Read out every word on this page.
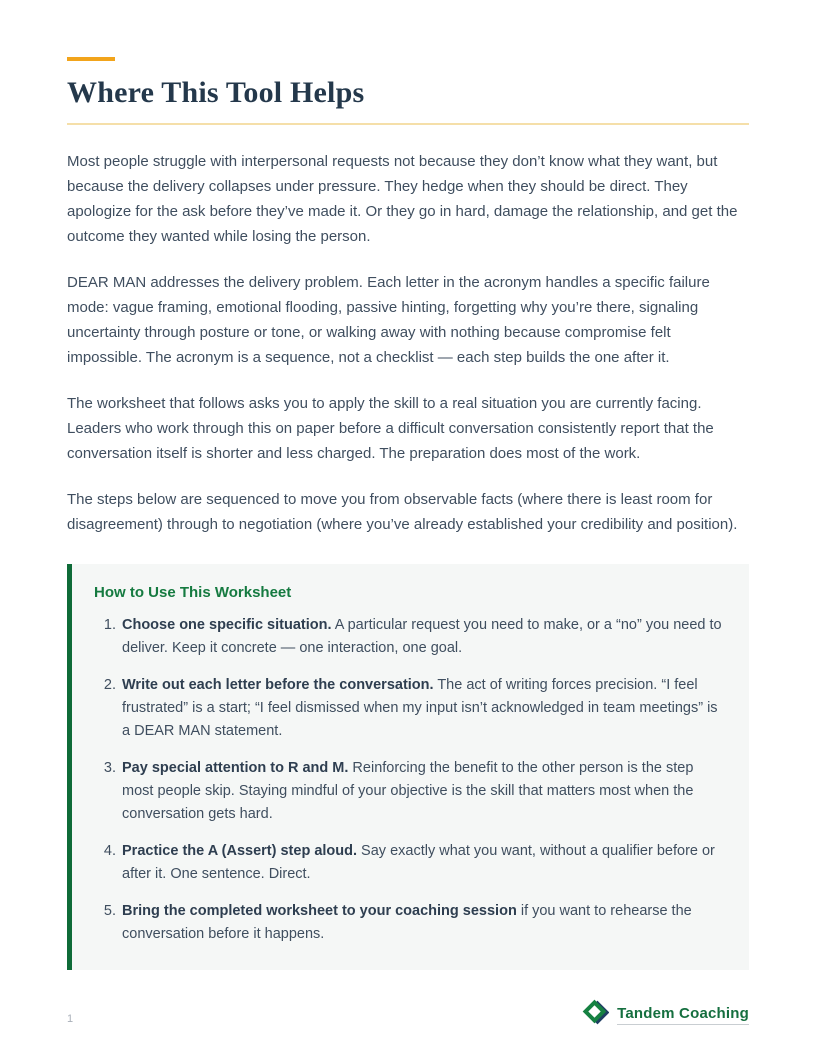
Where This Tool Helps

Most people struggle with interpersonal requests not because they don’t know what they want, but because the delivery collapses under pressure. They hedge when they should be direct. They apologize for the ask before they’ve made it. Or they go in hard, damage the relationship, and get the outcome they wanted while losing the person.

DEAR MAN addresses the delivery problem. Each letter in the acronym handles a specific failure mode: vague framing, emotional flooding, passive hinting, forgetting why you’re there, signaling uncertainty through posture or tone, or walking away with nothing because compromise felt impossible. The acronym is a sequence, not a checklist — each step builds the one after it.

The worksheet that follows asks you to apply the skill to a real situation you are currently facing. Leaders who work through this on paper before a difficult conversation consistently report that the conversation itself is shorter and less charged. The preparation does most of the work.

The steps below are sequenced to move you from observable facts (where there is least room for disagreement) through to negotiation (where you’ve already established your credibility and position).

How to Use This Worksheet
1. Choose one specific situation. A particular request you need to make, or a “no” you need to deliver. Keep it concrete — one interaction, one goal.
2. Write out each letter before the conversation. The act of writing forces precision. “I feel frustrated” is a start; “I feel dismissed when my input isn’t acknowledged in team meetings” is a DEAR MAN statement.
3. Pay special attention to R and M. Reinforcing the benefit to the other person is the step most people skip. Staying mindful of your objective is the skill that matters most when the conversation gets hard.
4. Practice the A (Assert) step aloud. Say exactly what you want, without a qualifier before or after it. One sentence. Direct.
5. Bring the completed worksheet to your coaching session if you want to rehearse the conversation before it happens.
1	Tandem Coaching
